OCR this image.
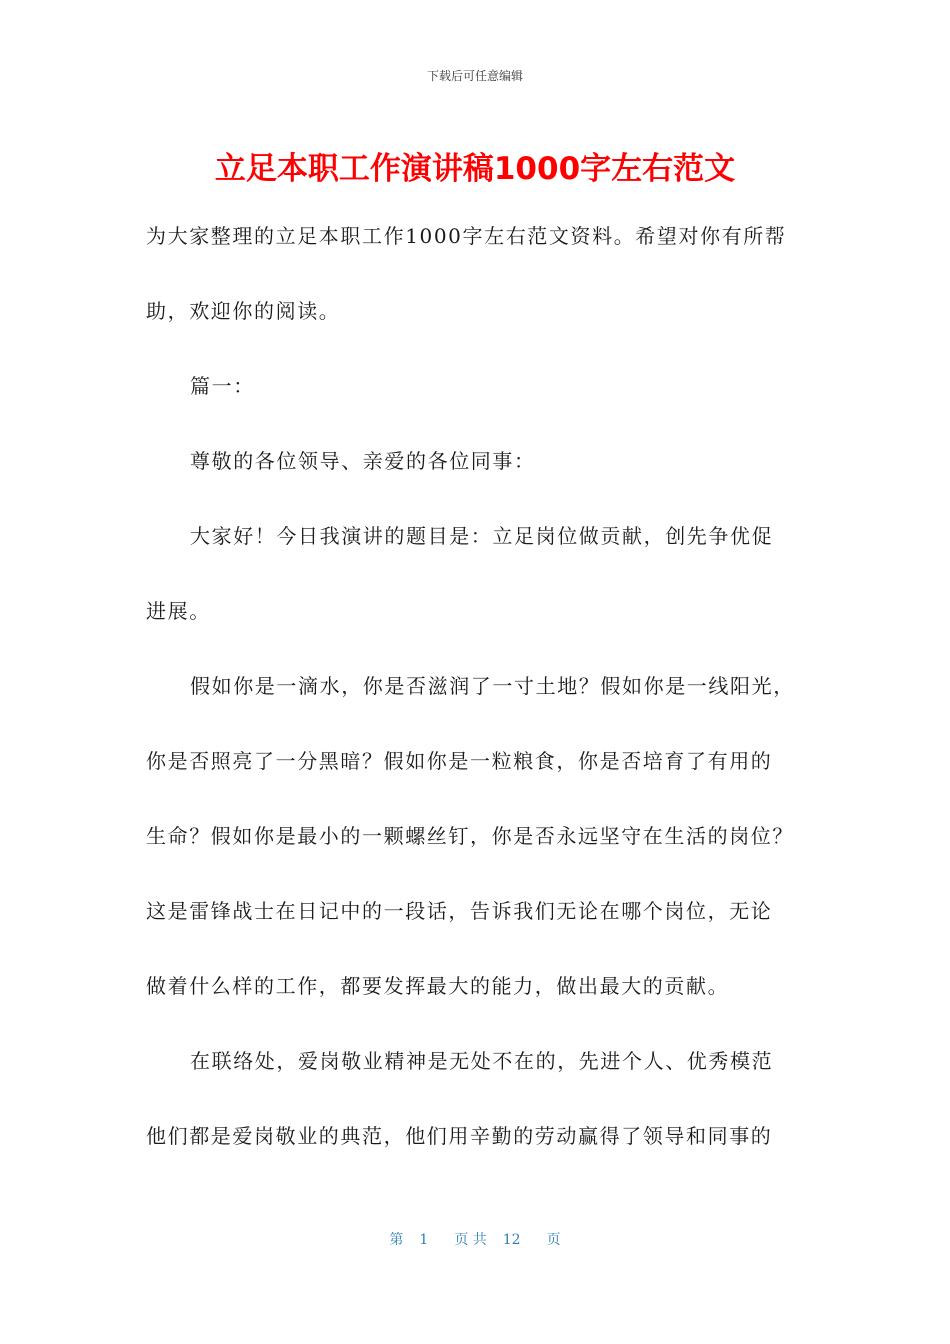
下载后可任意编辑
立足本职工作演讲稿1000字左右范文
为大家整理的立足本职工作1000字左右范文资料。希望对你有所帮
助，欢迎你的阅读。
篇一：
尊敬的各位领导、亲爱的各位同事：
大家好！今日我演讲的题目是：立足岗位做贡献，创先争优促
进展。
假如你是一滴水，你是否滋润了一寸土地？假如你是一线阳光，
你是否照亮了一分黑暗？假如你是一粒粮食，你是否培育了有用的
生命？假如你是最小的一颗螺丝钉，你是否永远坚守在生活的岗位？
这是雷锋战士在日记中的一段话，告诉我们无论在哪个岗位，无论
做着什么样的工作，都要发挥最大的能力，做出最大的贡献。
在联络处，爱岗敬业精神是无处不在的，先进个人、优秀模范
他们都是爱岗敬业的典范，他们用辛勤的劳动赢得了领导和同事的
第 1 页 共 12 页
